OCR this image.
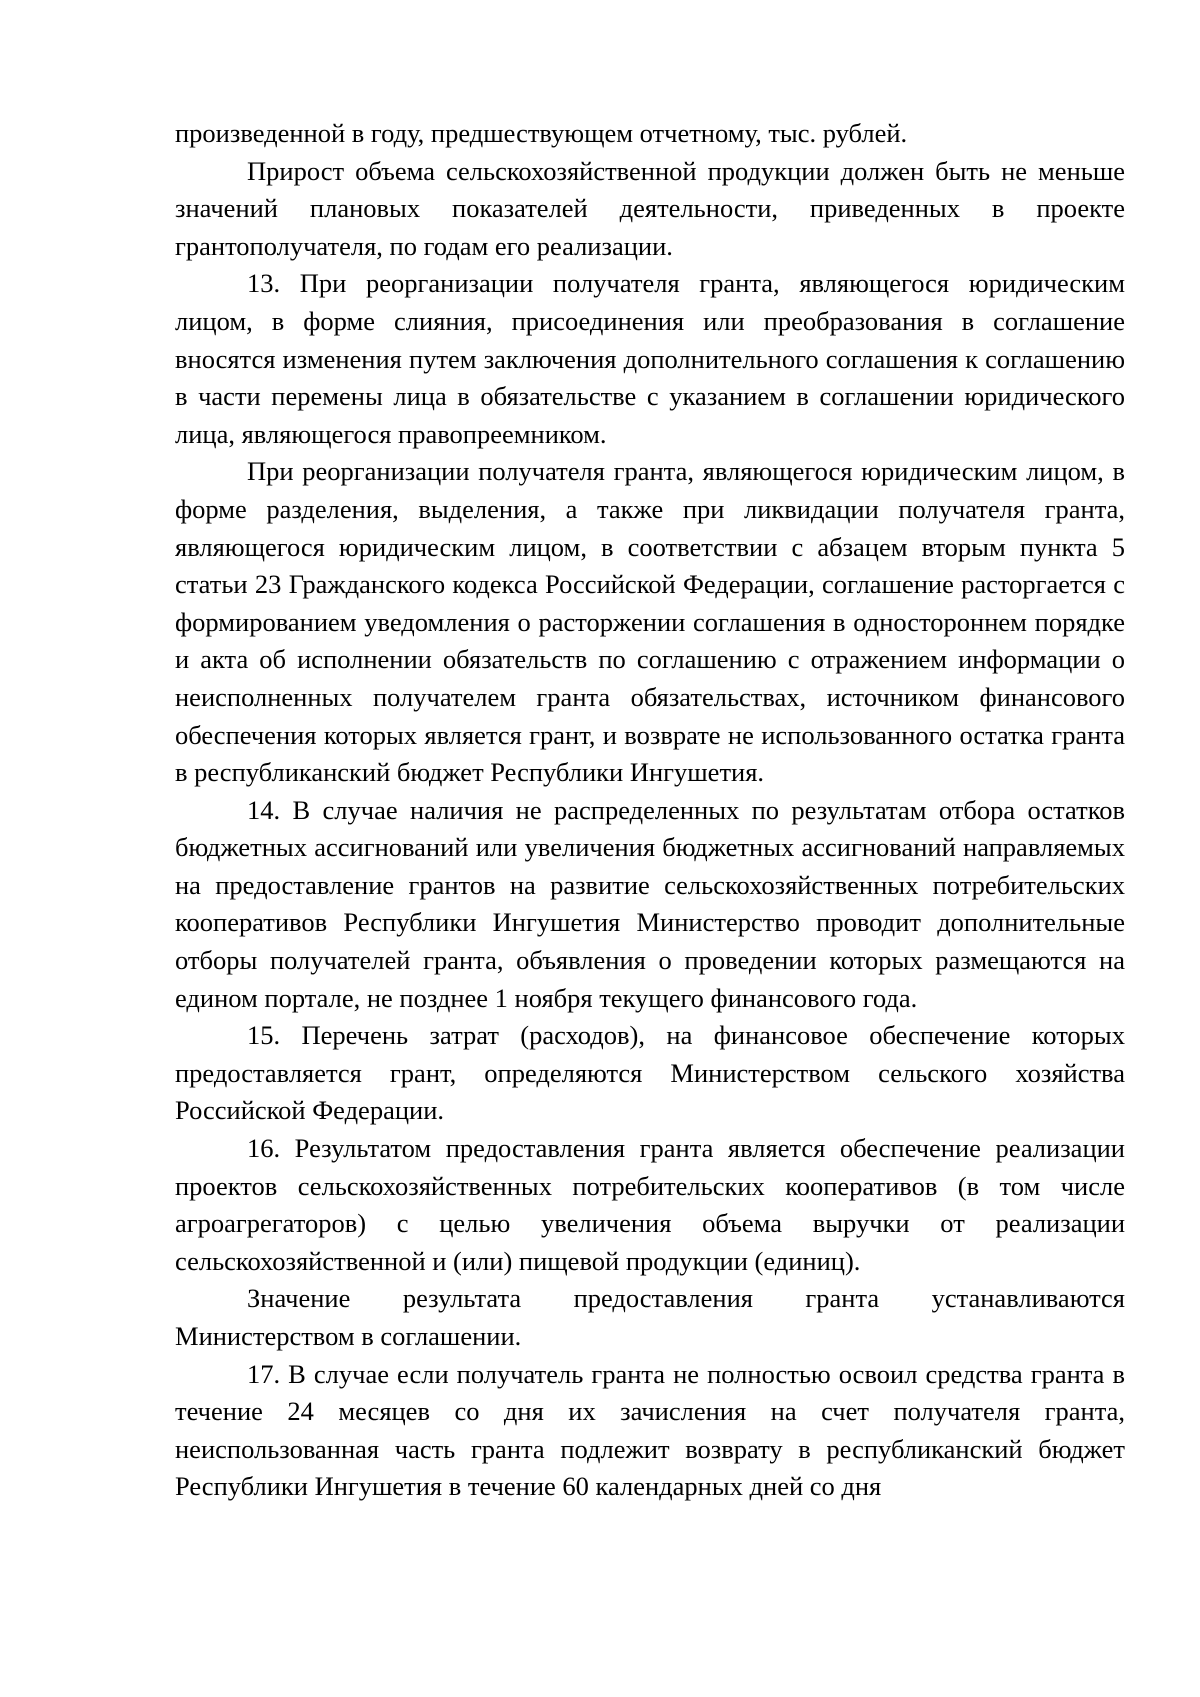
произведенной в году, предшествующем отчетному, тыс. рублей.

Прирост объема сельскохозяйственной продукции должен быть не меньше значений плановых показателей деятельности, приведенных в проекте грантополучателя, по годам его реализации.

13. При реорганизации получателя гранта, являющегося юридическим лицом, в форме слияния, присоединения или преобразования в соглашение вносятся изменения путем заключения дополнительного соглашения к соглашению в части перемены лица в обязательстве с указанием в соглашении юридического лица, являющегося правопреемником.

При реорганизации получателя гранта, являющегося юридическим лицом, в форме разделения, выделения, а также при ликвидации получателя гранта, являющегося юридическим лицом, в соответствии с абзацем вторым пункта 5 статьи 23 Гражданского кодекса Российской Федерации, соглашение расторгается с формированием уведомления о расторжении соглашения в одностороннем порядке и акта об исполнении обязательств по соглашению с отражением информации о неисполненных получателем гранта обязательствах, источником финансового обеспечения которых является грант, и возврате не использованного остатка гранта в республиканский бюджет Республики Ингушетия.

14. В случае наличия не распределенных по результатам отбора остатков бюджетных ассигнований или увеличения бюджетных ассигнований направляемых на предоставление грантов на развитие сельскохозяйственных потребительских кооперативов Республики Ингушетия Министерство проводит дополнительные отборы получателей гранта, объявления о проведении которых размещаются на едином портале, не позднее 1 ноября текущего финансового года.

15. Перечень затрат (расходов), на финансовое обеспечение которых предоставляется грант, определяются Министерством сельского хозяйства Российской Федерации.

16. Результатом предоставления гранта является обеспечение реализации проектов сельскохозяйственных потребительских кооперативов (в том числе агроагрегаторов) с целью увеличения объема выручки от реализации сельскохозяйственной и (или) пищевой продукции (единиц).

Значение результата предоставления гранта устанавливаются Министерством в соглашении.

17. В случае если получатель гранта не полностью освоил средства гранта в течение 24 месяцев со дня их зачисления на счет получателя гранта, неиспользованная часть гранта подлежит возврату в республиканский бюджет Республики Ингушетия в течение 60 календарных дней со дня
